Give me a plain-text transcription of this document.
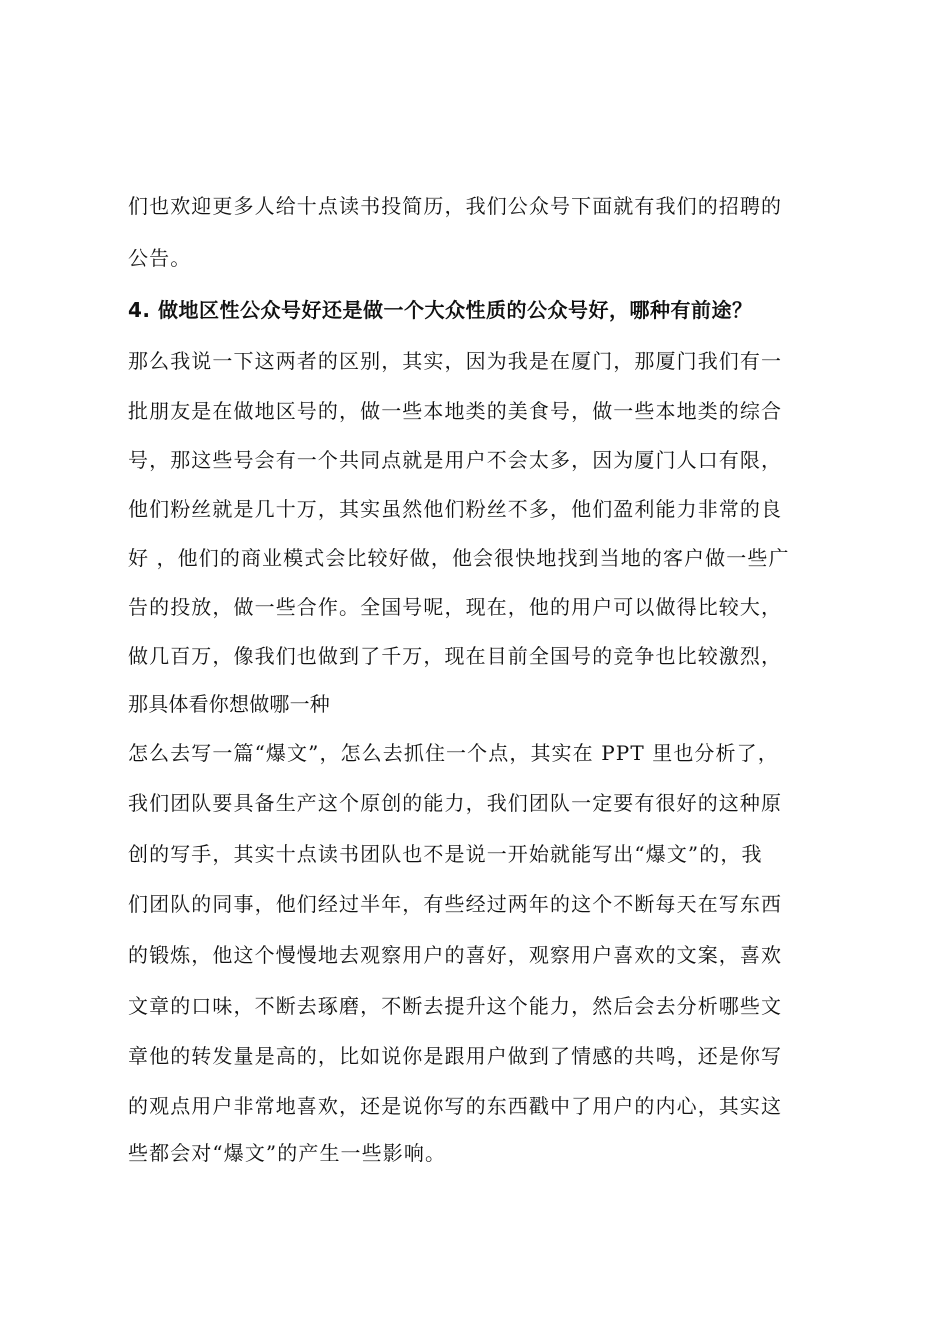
们也欢迎更多人给十点读书投简历，我们公众号下面就有我们的招聘的
公告。
4. 做地区性公众号好还是做一个大众性质的公众号好，哪种有前途？
那么我说一下这两者的区别，其实，因为我是在厦门，那厦门我们有一
批朋友是在做地区号的，做一些本地类的美食号，做一些本地类的综合
号，那这些号会有一个共同点就是用户不会太多，因为厦门人口有限，
他们粉丝就是几十万，其实虽然他们粉丝不多，他们盈利能力非常的良
好 ，他们的商业模式会比较好做，他会很快地找到当地的客户做一些广
告的投放，做一些合作。全国号呢，现在，他的用户可以做得比较大，
做几百万，像我们也做到了千万，现在目前全国号的竞争也比较激烈，
那具体看你想做哪一种
怎么去写一篇“爆文”，怎么去抓住一个点，其实在 PPT 里也分析了，
我们团队要具备生产这个原创的能力，我们团队一定要有很好的这种原
创的写手，其实十点读书团队也不是说一开始就能写出“爆文”的，我
们团队的同事，他们经过半年，有些经过两年的这个不断每天在写东西
的锻炼，他这个慢慢地去观察用户的喜好，观察用户喜欢的文案，喜欢
文章的口味，不断去琢磨，不断去提升这个能力，然后会去分析哪些文
章他的转发量是高的，比如说你是跟用户做到了情感的共鸣，还是你写
的观点用户非常地喜欢，还是说你写的东西戳中了用户的内心，其实这
些都会对“爆文”的产生一些影响。
